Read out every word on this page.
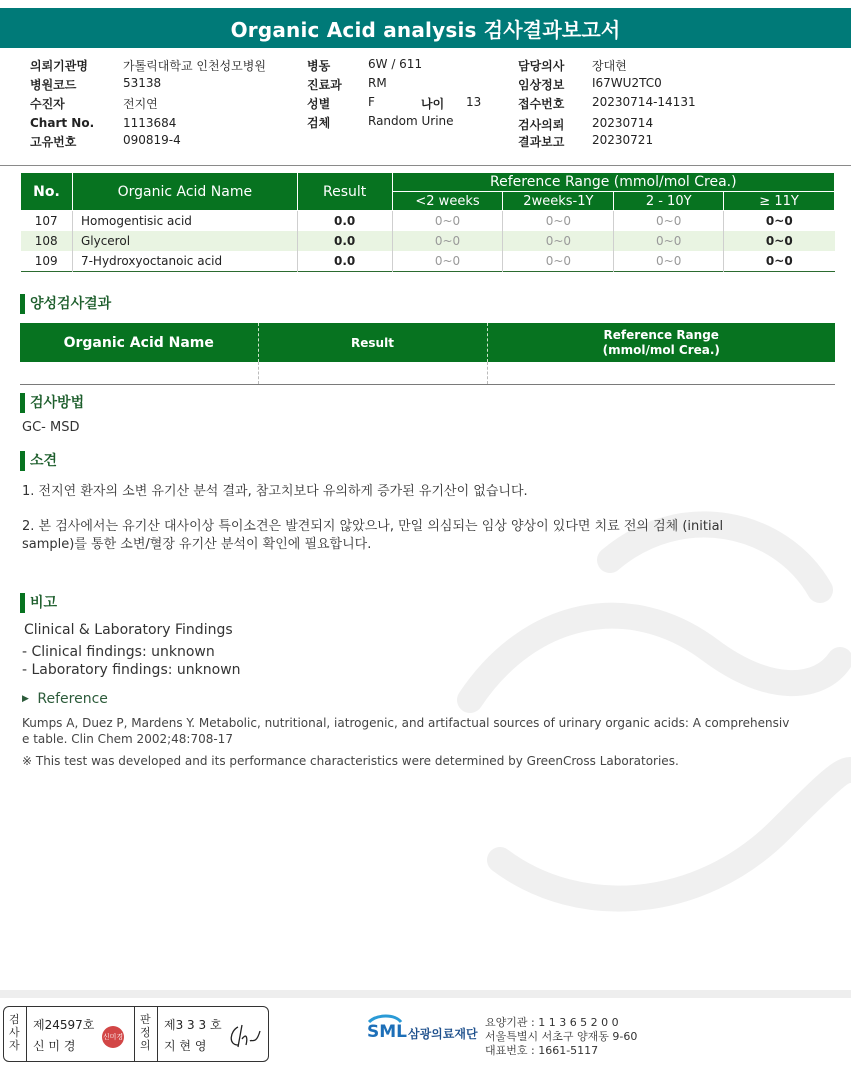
Organic Acid analysis 검사결과보고서
의뢰기관명	가톨릭대학교 인천성모병원
병원코드	53138
수진자	전지연
Chart No. 1113684
고유번호	090819-4
병동	6W / 611
진료과 RM
성별	F
검체	Random Urine
나이 13
담당의사 장대현
임상정보 I67WU2TC0
접수번호 20230714-14131
검사의뢰 20230714
결과보고 20230721
No.	Organic Acid Name	Result	Reference Range (mmol/mol Crea.)			
			<2 weeks	2weeks-1Y	2 - 10Y	≥ 11Y
107	Homogentisic acid	0.0	0~0	0~0	0~0	0~0
108	Glycerol	0.0	0~0	0~0	0~0	0~0
109	7-Hydroxyoctanoic acid	0.0	0~0	0~0	0~0	0~0
양성검사결과
Organic Acid Name	Result	Reference Range
(mmol/mol Crea.)

검사방법
GC- MSD
소견
1. 전지연 환자의 소변 유기산 분석 결과, 참고치보다 유의하게 증가된 유기산이 없습니다.
2. 본 검사에서는 유기산 대사이상 특이소견은 발견되지 않았으나, 만일 의심되는 임상 양상이 있다면 치료 전의 검체 (initial
sample)를 통한 소변/혈장 유기산 분석이 확인에 필요합니다.
비고
Clinical & Laboratory Findings
- Clinical findings: unknown
- Laboratory findings: unknown
▶ Reference
Kumps A, Duez P, Mardens Y. Metabolic, nutritional, iatrogenic, and artifactual sources of urinary organic acids: A comprehensiv
e table. Clin Chem 2002;48:708-17
※ This test was developed and its performance characteristics were determined by GreenCross Laboratories.
검사자
제24597호
신 미 경
신미경
판정의
제3 3 3 호
지 현 영
SML 삼광의료재단
요양기관 : 1 1 3 6 5 2 0 0
서울특별시 서초구 양재동 9-60
대표번호 : 1661-5117
